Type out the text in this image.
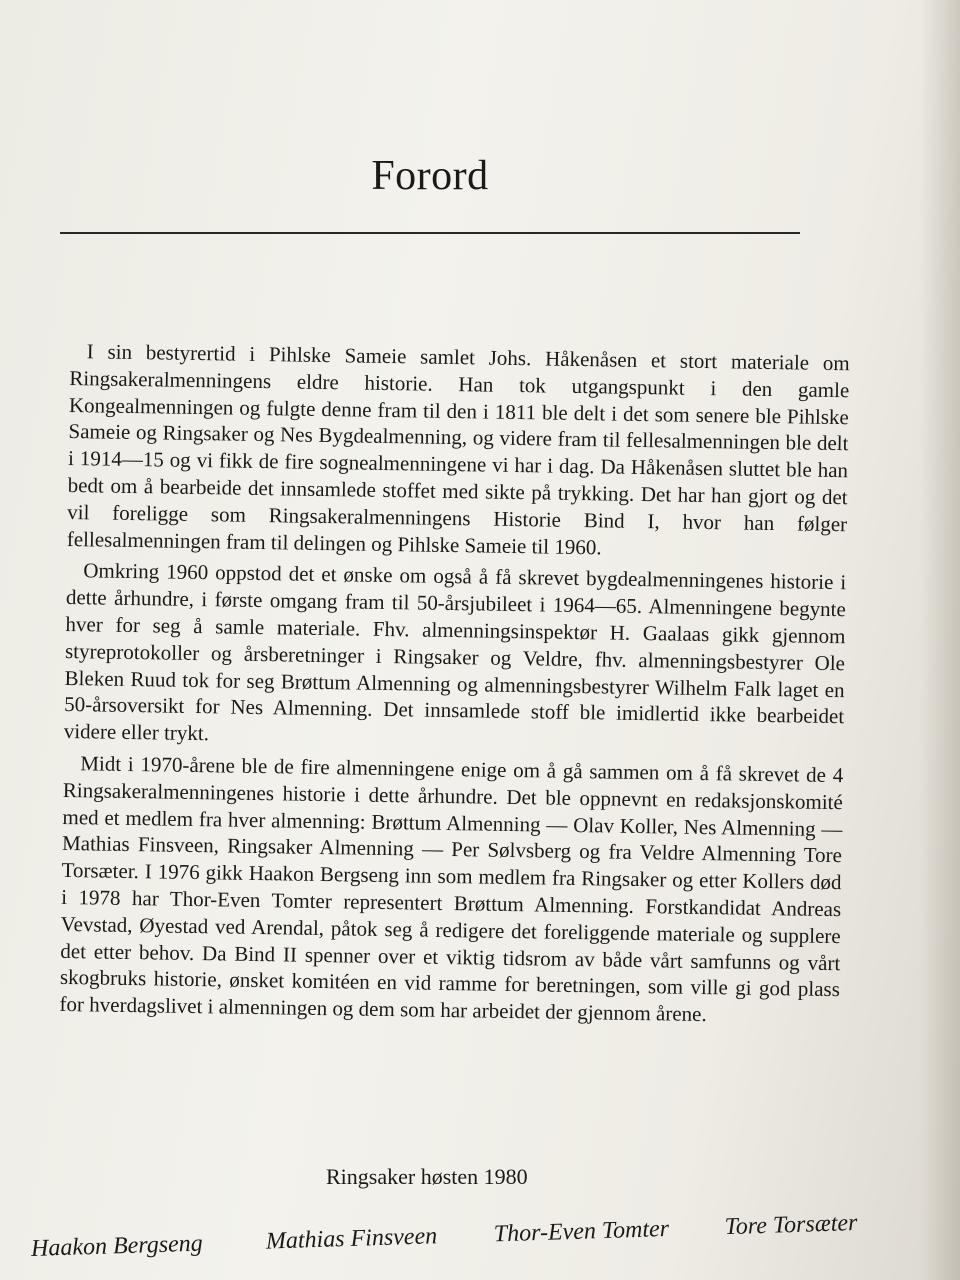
Forord

I sin bestyrertid i Pihlske Sameie samlet Johs. Håkenåsen et stort materiale om Ringsakeralmenningens eldre historie. Han tok utgangspunkt i den gamle Kongealmenningen og fulgte denne fram til den i 1811 ble delt i det som senere ble Pihlske Sameie og Ringsaker og Nes Bygdealmenning, og videre fram til fellesalmenningen ble delt i 1914—15 og vi fikk de fire sognealmenningene vi har i dag. Da Håkenåsen sluttet ble han bedt om å bearbeide det innsamlede stoffet med sikte på trykking. Det har han gjort og det vil foreligge som Ringsakeralmenningens Historie Bind I, hvor han følger fellesalmenningen fram til delingen og Pihlske Sameie til 1960.

Omkring 1960 oppstod det et ønske om også å få skrevet bygdealmenningenes historie i dette århundre, i første omgang fram til 50-årsjubileet i 1964—65. Almenningene begynte hver for seg å samle materiale. Fhv. almenningsinspektør H. Gaalaas gikk gjennom styreprotokoller og årsberetninger i Ringsaker og Veldre, fhv. almenningsbestyrer Ole Bleken Ruud tok for seg Brøttum Almenning og almenningsbestyrer Wilhelm Falk laget en 50-årsoversikt for Nes Almenning. Det innsamlede stoff ble imidlertid ikke bearbeidet videre eller trykt.

Midt i 1970-årene ble de fire almenningene enige om å gå sammen om å få skrevet de 4 Ringsakeralmenningenes historie i dette århundre. Det ble oppnevnt en redaksjonskomité med et medlem fra hver almenning: Brøttum Almenning — Olav Koller, Nes Almenning — Mathias Finsveen, Ringsaker Almenning — Per Sølvsberg og fra Veldre Almenning Tore Torsæter. I 1976 gikk Haakon Bergseng inn som medlem fra Ringsaker og etter Kollers død i 1978 har Thor-Even Tomter representert Brøttum Almenning. Forstkandidat Andreas Vevstad, Øyestad ved Arendal, påtok seg å redigere det foreliggende materiale og supplere det etter behov. Da Bind II spenner over et viktig tidsrom av både vårt samfunns og vårt skogbruks historie, ønsket komitéen en vid ramme for beretningen, som ville gi god plass for hverdagslivet i almenningen og dem som har arbeidet der gjennom årene.

Ringsaker høsten 1980
Haakon Bergseng	Mathias Finsveen Thor-Even Tomter Tore Torsæter
